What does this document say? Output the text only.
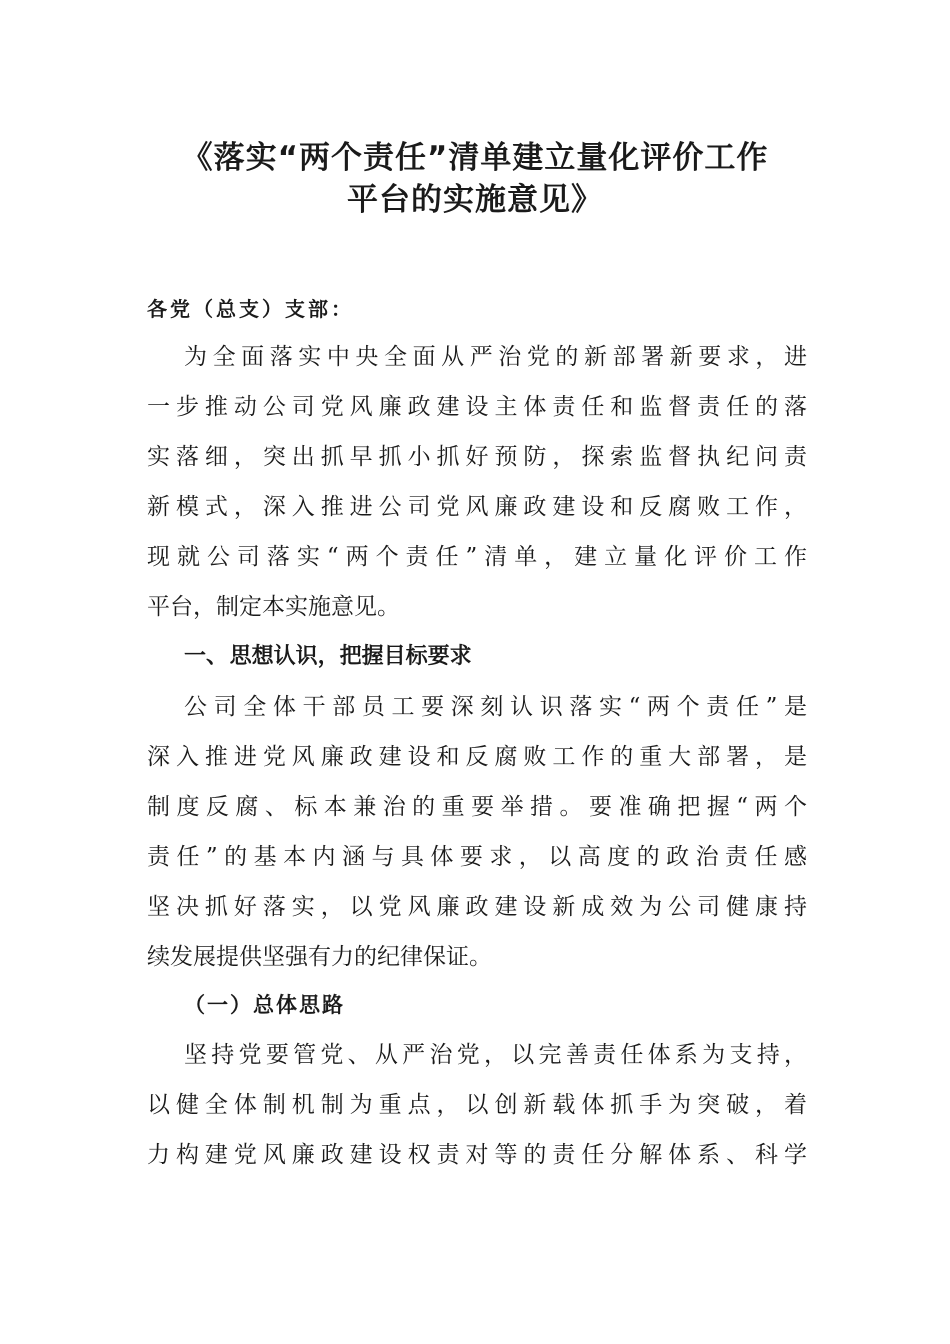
《落实“两个责任”清单建立量化评价工作
平台的实施意见》
各党（总支）支部：
为全面落实中央全面从严治党的新部署新要求，进
一步推动公司党风廉政建设主体责任和监督责任的落
实落细，突出抓早抓小抓好预防，探索监督执纪问责
新模式，深入推进公司党风廉政建设和反腐败工作，
现就公司落实“两个责任”清单，建立量化评价工作
平台，制定本实施意见。
一、 思想认识，把握目标要求
公司全体干部员工要深刻认识落实“两个责任”是
深入推进党风廉政建设和反腐败工作的重大部署，是
制度反腐、标本兼治的重要举措。要准确把握“两个
责任”的基本内涵与具体要求，以高度的政治责任感
坚决抓好落实，以党风廉政建设新成效为公司健康持
续发展提供坚强有力的纪律保证。
（一）总体思路
坚持党要管党、从严治党，以完善责任体系为支持，
以健全体制机制为重点，以创新载体抓手为突破，着
力构建党风廉政建设权责对等的责任分解体系、科学
